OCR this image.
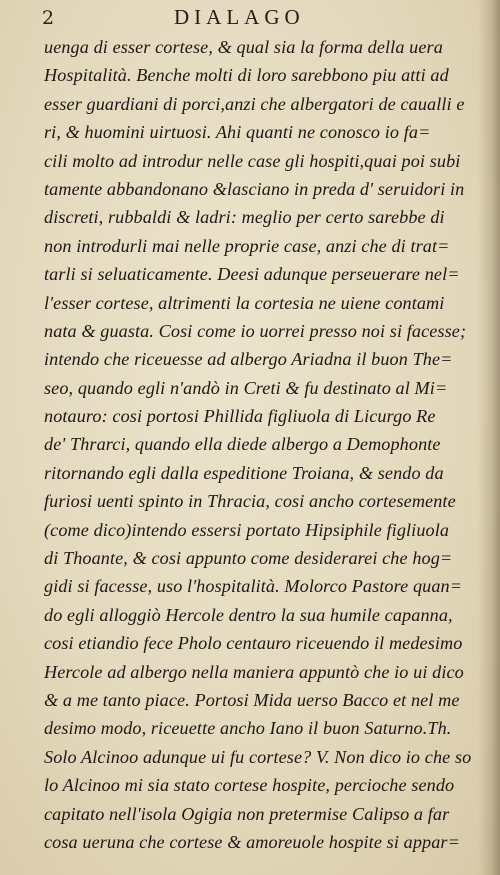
2	DIALAGO
uenga di esser cortese, & qual sia la forma della uera
Hospitalità. Benche molti di loro sarebbono piu atti ad
esser guardiani di porci,anzi che albergatori de caualli e
ri, & huomini uirtuosi. Ahi quanti ne conosco io fa=
cili molto ad introdur nelle case gli hospiti,quai poi subi
tamente abbandonano &lasciano in preda d' seruidori in
discreti, rubbaldi & ladri: meglio per certo sarebbe di
non introdurli mai nelle proprie case, anzi che di trat=
tarli si seluaticamente. Deesi adunque perseuerare nel=
l'esser cortese, altrimenti la cortesia ne uiene contami
nata & guasta. Cosi come io uorrei presso noi si facesse;
intendo che riceuesse ad albergo Ariadna il buon The=
seo, quando egli n'andò in Creti & fu destinato al Mi=
notauro: cosi portosi Phillida figliuola di Licurgo Re
de' Thrarci, quando ella diede albergo a Demophonte
ritornando egli dalla espeditione Troiana, & sendo da
furiosi uenti spinto in Thracia, cosi ancho cortesemente
(come dico)intendo essersi portato Hipsiphile figliuola
di Thoante, & cosi appunto come desiderarei che hog=
gidi si facesse, uso l'hospitalità. Molorco Pastore quan=
do egli alloggiò Hercole dentro la sua humile capanna,
cosi etiandio fece Pholo centauro riceuendo il medesimo
Hercole ad albergo nella maniera appuntò che io ui dico
& a me tanto piace. Portosi Mida uerso Bacco et nel me
desimo modo, riceuette ancho Iano il buon Saturno.Th.
Solo Alcinoo adunque ui fu cortese? V. Non dico io che so
lo Alcinoo mi sia stato cortese hospite, percioche sendo
capitato nell'isola Ogigia non pretermise Calipso a far
cosa ueruna che cortese & amoreuole hospite si appar=
